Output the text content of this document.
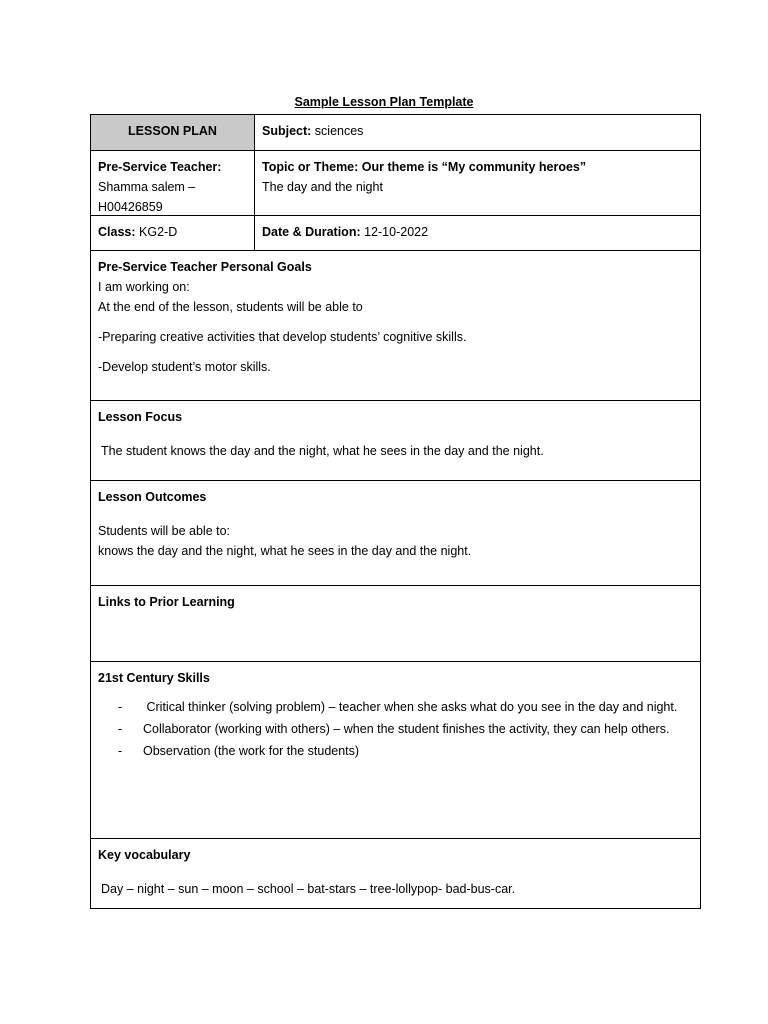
Sample Lesson Plan Template
LESSON PLAN	Subject: sciences
Pre-Service Teacher:
Shamma salem –
H00426859
Topic or Theme: Our theme is “My community heroes”
The day and the night
Class: KG2-D	Date & Duration: 12-10-2022
Pre-Service Teacher Personal Goals
I am working on:
At the end of the lesson, students will be able to
-Preparing creative activities that develop students’ cognitive skills.
-Develop student’s motor skills.
Lesson Focus
The student knows the day and the night, what he sees in the day and the night.
Lesson Outcomes
Students will be able to:
knows the day and the night, what he sees in the day and the night.
Links to Prior Learning
21st Century Skills
- Critical thinker (solving problem) – teacher when she asks what do you see in the day and night.
- Collaborator (working with others) – when the student finishes the activity, they can help others.
- Observation (the work for the students)
Key vocabulary
Day – night – sun – moon – school – bat-stars – tree-lollypop- bad-bus-car.
